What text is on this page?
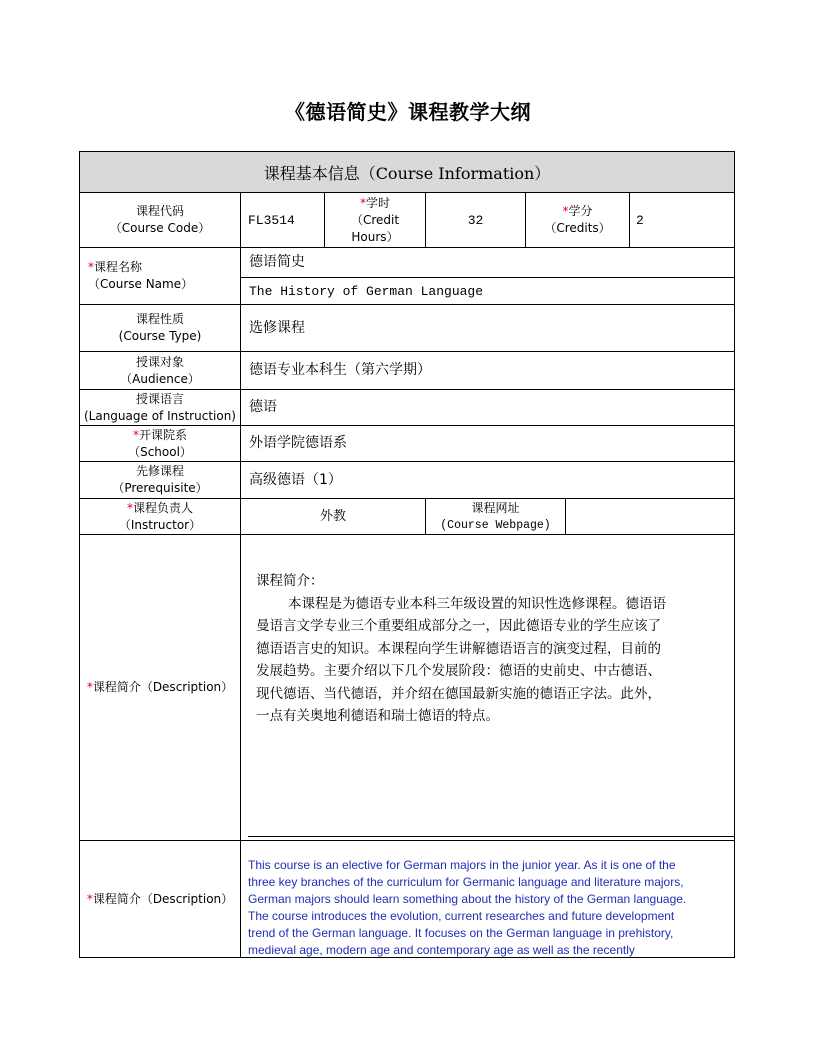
《德语简史》课程教学大纲
课程基本信息（Course Information）
课程代码
（Course Code）
FL3514
*学时
（Credit
Hours）
32
*学分
（Credits）
2
*课程名称
（Course Name）
德语简史
The History of German Language
课程性质
(Course Type)
选修课程
授课对象
（Audience）
德语专业本科生（第六学期）
授课语言
(Language of Instruction)
德语
*开课院系
（School）
外语学院德语系
先修课程
（Prerequisite）
高级德语（1）
*课程负责人
（Instructor）
外教
课程网址
(Course Webpage)
*课程简介（Description）
课程简介：
本课程是为德语专业本科三年级设置的知识性选修课程。德语语
曼语言文学专业三个重要组成部分之一，因此德语专业的学生应该了
德语语言史的知识。本课程向学生讲解德语语言的演变过程，目前的
发展趋势。主要介绍以下几个发展阶段：德语的史前史、中古德语、
现代德语、当代德语，并介绍在德国最新实施的德语正字法。此外，
一点有关奥地利德语和瑞士德语的特点。
*课程简介（Description）
This course is an elective for German majors in the junior year. As it is one of the
three key branches of the curriculum for Germanic language and literature majors,
German majors should learn something about the history of the German language.
The course introduces the evolution, current researches and future development
trend of the German language. It focuses on the German language in prehistory,
medieval age, modern age and contemporary age as well as the recently
